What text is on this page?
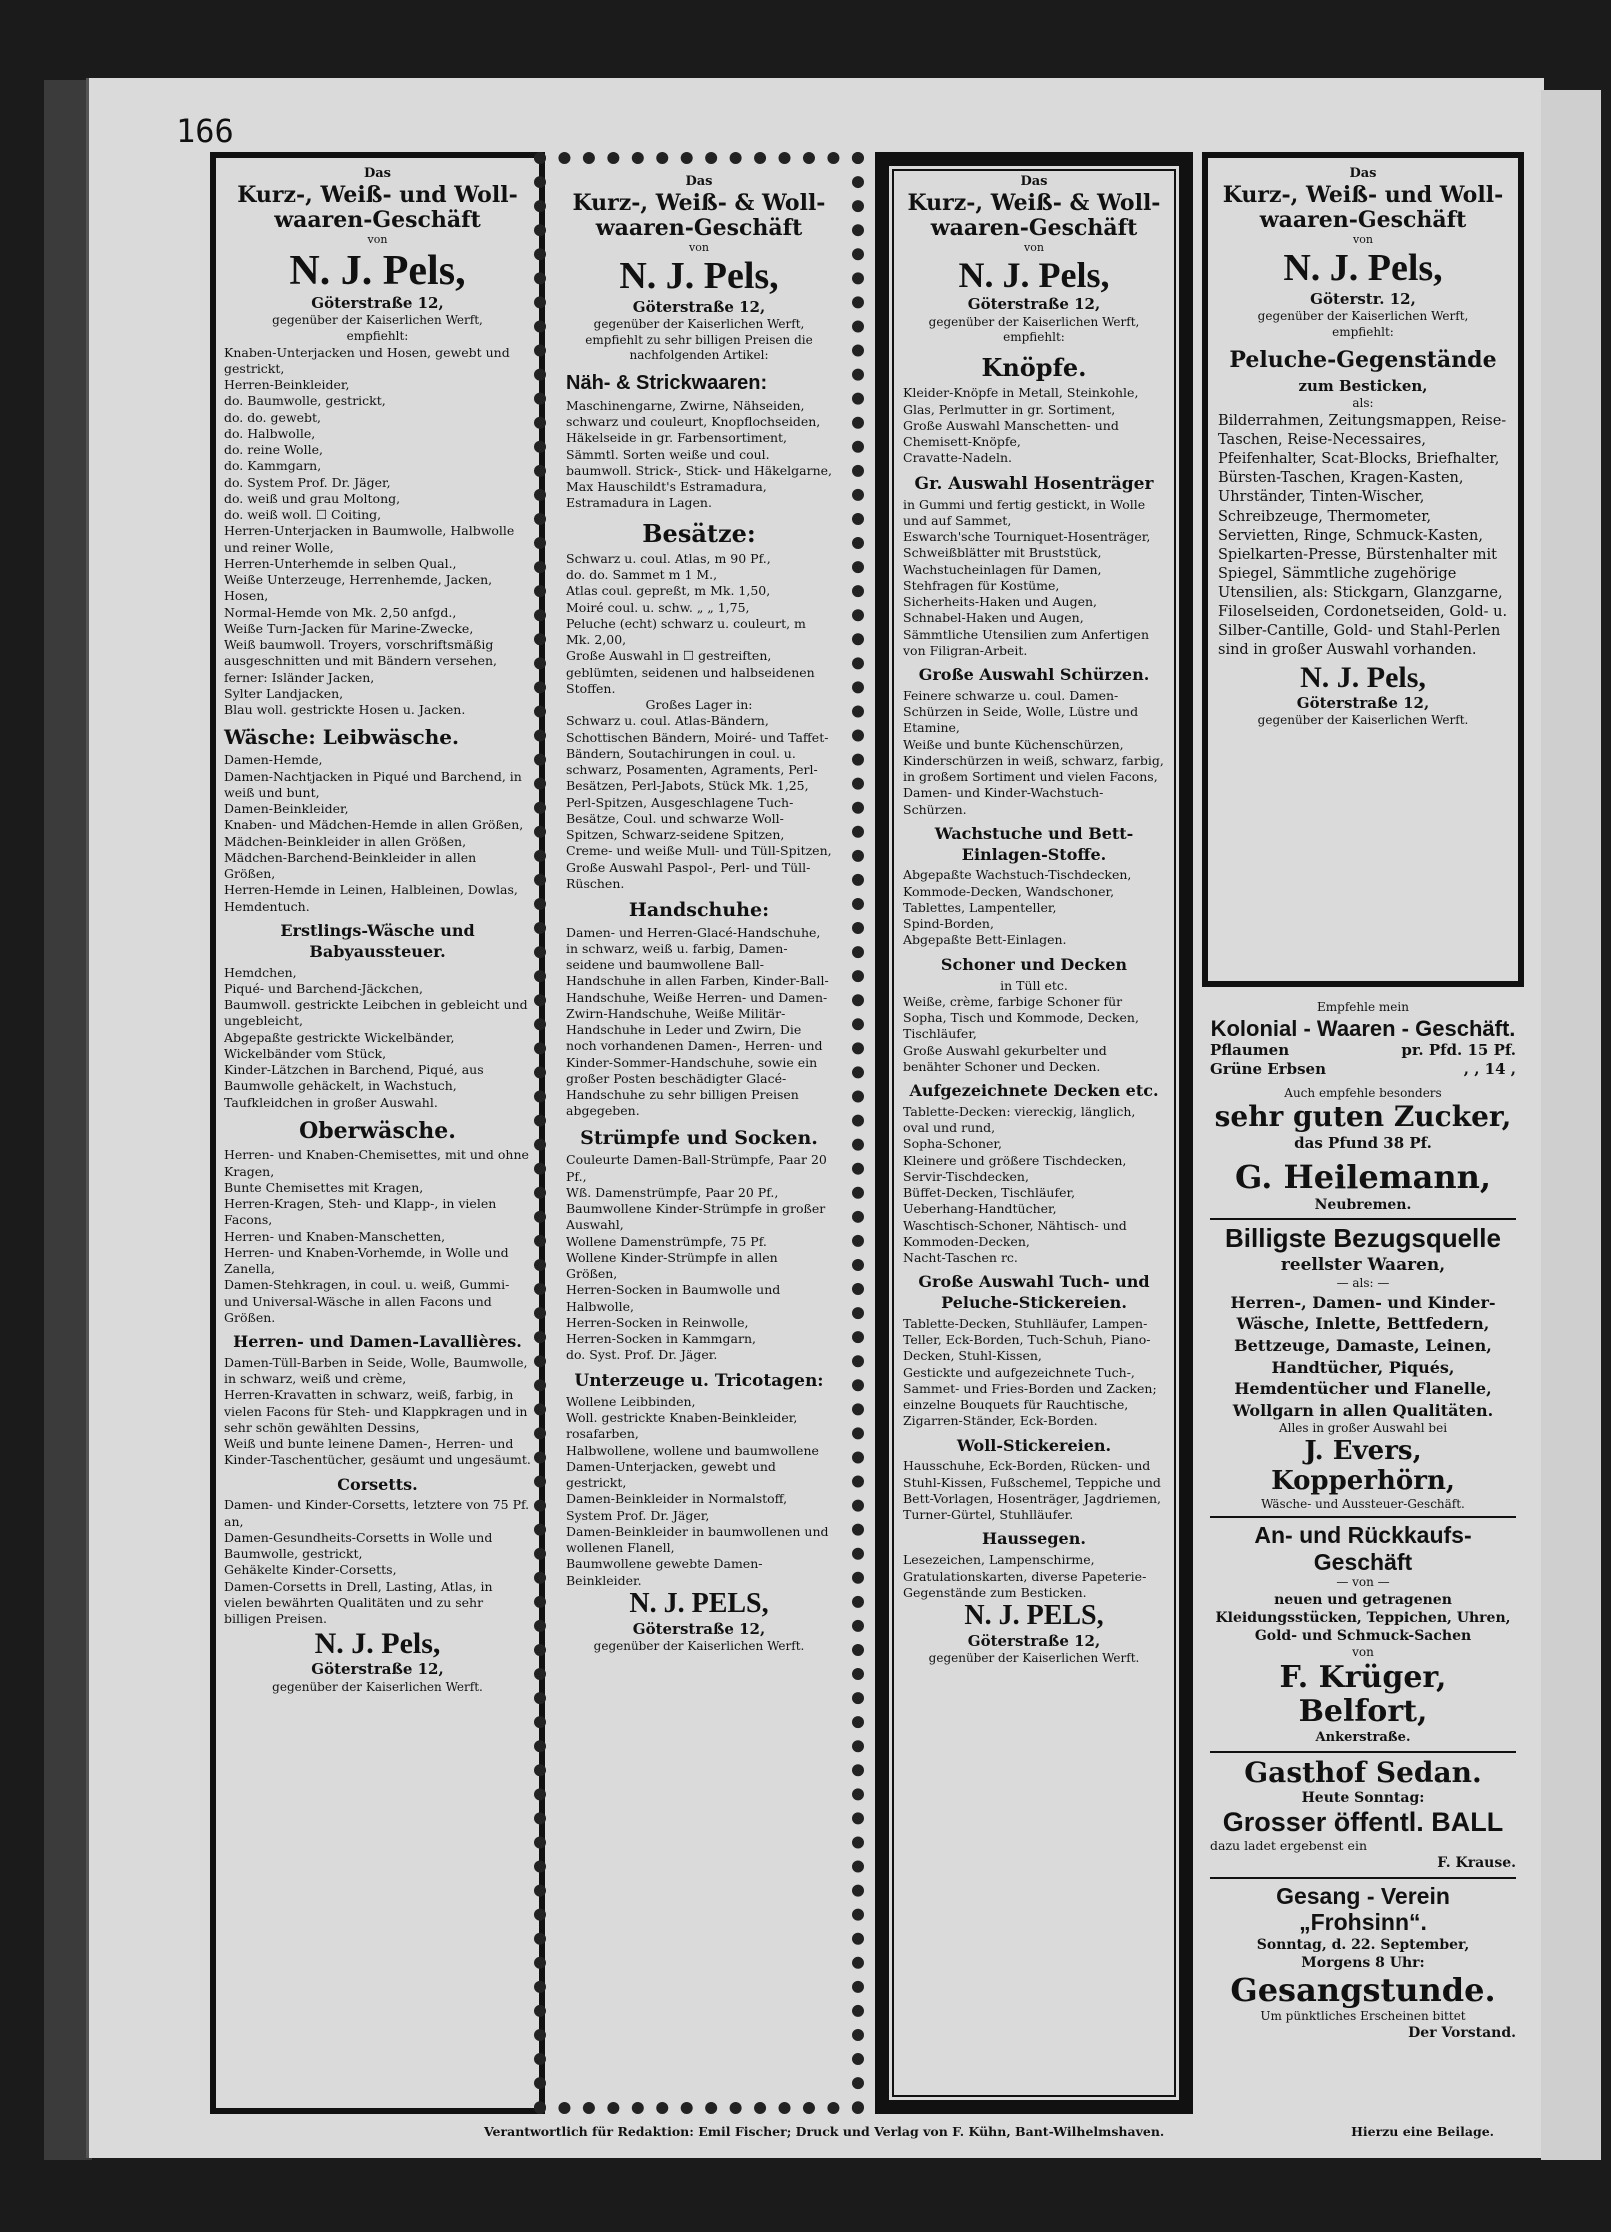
166
Das
Kurz-, Weiß- und Woll-waaren-Geschäft
von
N. J. Pels,
Göterstraße 12,
gegenüber der Kaiserlichen Werft,
empfiehlt:
Knaben-Unterjacken und Hosen, gewebt und gestrickt,
Herren-Beinkleider,
do. Baumwolle, gestrickt,
do. do. gewebt,
do. Halbwolle,
do. reine Wolle,
do. Kammgarn,
do. System Prof. Dr. Jäger,
do. weiß und grau Moltong,
do. weiß woll. ☐ Coiting,
Herren-Unterjacken in Baumwolle, Halbwolle und reiner Wolle,
Herren-Unterhemde in selben Qual.,
Weiße Unterzeuge, Herrenhemde, Jacken, Hosen,
Normal-Hemde von Mk. 2,50 anfgd.,
Weiße Turn-Jacken für Marine-Zwecke,
Weiß baumwoll. Troyers, vorschriftsmäßig ausgeschnitten und mit Bändern versehen,
ferner: Isländer Jacken,
Sylter Landjacken,
Blau woll. gestrickte Hosen u. Jacken.
Wäsche: Leibwäsche.
Damen-Hemde,
Damen-Nachtjacken in Piqué und Barchend, in weiß und bunt,
Damen-Beinkleider,
Knaben- und Mädchen-Hemde in allen Größen,
Mädchen-Beinkleider in allen Größen,
Mädchen-Barchend-Beinkleider in allen Größen,
Herren-Hemde in Leinen, Halbleinen, Dowlas, Hemdentuch.
Erstlings-Wäsche und Babyaussteuer.
Hemdchen,
Piqué- und Barchend-Jäckchen,
Baumwoll. gestrickte Leibchen in gebleicht und ungebleicht,
Abgepaßte gestrickte Wickelbänder,
Wickelbänder vom Stück,
Kinder-Lätzchen in Barchend, Piqué, aus Baumwolle gehäckelt, in Wachstuch,
Taufkleidchen in großer Auswahl.
Oberwäsche.
Herren- und Knaben-Chemisettes, mit und ohne Kragen,
Bunte Chemisettes mit Kragen,
Herren-Kragen, Steh- und Klapp-, in vielen Facons,
Herren- und Knaben-Manschetten,
Herren- und Knaben-Vorhemde, in Wolle und Zanella,
Damen-Stehkragen, in coul. u. weiß, Gummi- und Universal-Wäsche in allen Facons und Größen.
Herren- und Damen-Lavallières.
Damen-Tüll-Barben in Seide, Wolle, Baumwolle, in schwarz, weiß und crème,
Herren-Kravatten in schwarz, weiß, farbig, in vielen Facons für Steh- und Klappkragen und in sehr schön gewählten Dessins,
Weiß und bunte leinene Damen-, Herren- und Kinder-Taschentücher, gesäumt und ungesäumt.
Corsetts.
Damen- und Kinder-Corsetts, letztere von 75 Pf. an,
Damen-Gesundheits-Corsetts in Wolle und Baumwolle, gestrickt,
Gehäkelte Kinder-Corsetts,
Damen-Corsetts in Drell, Lasting, Atlas, in vielen bewährten Qualitäten und zu sehr billigen Preisen.
N. J. Pels,
Göterstraße 12,
gegenüber der Kaiserlichen Werft.
Das
Kurz-, Weiß- & Woll-waaren-Geschäft
von
N. J. Pels,
Göterstraße 12,
gegenüber der Kaiserlichen Werft,
empfiehlt zu sehr billigen Preisen die nachfolgenden Artikel:
Näh- & Strickwaaren:
Maschinengarne, Zwirne, Nähseiden, schwarz und couleurt, Knopflochseiden, Häkelseide in gr. Farbensortiment,
Sämmtl. Sorten weiße und coul. baumwoll. Strick-, Stick- und Häkelgarne, Max Hauschildt's Estramadura, Estramadura in Lagen.
Besätze:
Schwarz u. coul. Atlas, m 90 Pf.,
do. do. Sammet m 1 M.,
Atlas coul. gepreßt, m Mk. 1,50,
Moiré coul. u. schw. „ „ 1,75,
Peluche (echt) schwarz u. couleurt, m Mk. 2,00,
Große Auswahl in ☐ gestreiften, geblümten, seidenen und halbseidenen Stoffen.
Großes Lager in:
Schwarz u. coul. Atlas-Bändern, Schottischen Bändern, Moiré- und Taffet-Bändern, Soutachirungen in coul. u. schwarz, Posamenten, Agraments, Perl-Besätzen, Perl-Jabots, Stück Mk. 1,25, Perl-Spitzen, Ausgeschlagene Tuch-Besätze, Coul. und schwarze Woll-Spitzen, Schwarz-seidene Spitzen, Creme- und weiße Mull- und Tüll-Spitzen, Große Auswahl Paspol-, Perl- und Tüll-Rüschen.
Handschuhe:
Damen- und Herren-Glacé-Handschuhe, in schwarz, weiß u. farbig, Damen- seidene und baumwollene Ball-Handschuhe in allen Farben, Kinder-Ball-Handschuhe, Weiße Herren- und Damen-Zwirn-Handschuhe, Weiße Militär-Handschuhe in Leder und Zwirn, Die noch vorhandenen Damen-, Herren- und Kinder-Sommer-Handschuhe, sowie ein großer Posten beschädigter Glacé-Handschuhe zu sehr billigen Preisen abgegeben.
Strümpfe und Socken.
Couleurte Damen-Ball-Strümpfe, Paar 20 Pf.,
Wß. Damenstrümpfe, Paar 20 Pf.,
Baumwollene Kinder-Strümpfe in großer Auswahl,
Wollene Damenstrümpfe, 75 Pf.
Wollene Kinder-Strümpfe in allen Größen,
Herren-Socken in Baumwolle und Halbwolle,
Herren-Socken in Reinwolle,
Herren-Socken in Kammgarn,
do. Syst. Prof. Dr. Jäger.
Unterzeuge u. Tricotagen:
Wollene Leibbinden,
Woll. gestrickte Knaben-Beinkleider, rosafarben,
Halbwollene, wollene und baumwollene Damen-Unterjacken, gewebt und gestrickt,
Damen-Beinkleider in Normalstoff, System Prof. Dr. Jäger,
Damen-Beinkleider in baumwollenen und wollenen Flanell,
Baumwollene gewebte Damen-Beinkleider.
N. J. PELS,
Göterstraße 12,
gegenüber der Kaiserlichen Werft.
Das
Kurz-, Weiß- & Woll-waaren-Geschäft
von
N. J. Pels,
Göterstraße 12,
gegenüber der Kaiserlichen Werft,
empfiehlt:
Knöpfe.
Kleider-Knöpfe in Metall, Steinkohle, Glas, Perlmutter in gr. Sortiment,
Große Auswahl Manschetten- und Chemisett-Knöpfe,
Cravatte-Nadeln.
Gr. Auswahl Hosenträger
in Gummi und fertig gestickt, in Wolle und auf Sammet,
Eswarch'sche Tourniquet-Hosenträger,
Schweißblätter mit Bruststück,
Wachstucheinlagen für Damen,
Stehfragen für Kostüme,
Sicherheits-Haken und Augen,
Schnabel-Haken und Augen,
Sämmtliche Utensilien zum Anfertigen von Filigran-Arbeit.
Große Auswahl Schürzen.
Feinere schwarze u. coul. Damen-Schürzen in Seide, Wolle, Lüstre und Etamine,
Weiße und bunte Küchenschürzen,
Kinderschürzen in weiß, schwarz, farbig, in großem Sortiment und vielen Facons,
Damen- und Kinder-Wachstuch-Schürzen.
Wachstuche und Bett-Einlagen-Stoffe.
Abgepaßte Wachstuch-Tischdecken,
Kommode-Decken, Wandschoner,
Tablettes, Lampenteller,
Spind-Borden,
Abgepaßte Bett-Einlagen.
Schoner und Decken
in Tüll etc.
Weiße, crème, farbige Schoner für Sopha, Tisch und Kommode, Decken, Tischläufer,
Große Auswahl gekurbelter und benähter Schoner und Decken.
Aufgezeichnete Decken etc.
Tablette-Decken: viereckig, länglich, oval und rund,
Sopha-Schoner,
Kleinere und größere Tischdecken,
Servir-Tischdecken,
Büffet-Decken, Tischläufer,
Ueberhang-Handtücher,
Waschtisch-Schoner, Nähtisch- und Kommoden-Decken,
Nacht-Taschen rc.
Große Auswahl Tuch- und Peluche-Stickereien.
Tablette-Decken, Stuhlläufer, Lampen-Teller, Eck-Borden, Tuch-Schuh, Piano-Decken, Stuhl-Kissen,
Gestickte und aufgezeichnete Tuch-, Sammet- und Fries-Borden und Zacken; einzelne Bouquets für Rauchtische, Zigarren-Ständer, Eck-Borden.
Woll-Stickereien.
Hausschuhe, Eck-Borden, Rücken- und Stuhl-Kissen, Fußschemel, Teppiche und Bett-Vorlagen, Hosenträger, Jagdriemen, Turner-Gürtel, Stuhlläufer.
Haussegen.
Lesezeichen, Lampenschirme, Gratulationskarten, diverse Papeterie-Gegenstände zum Besticken.
N. J. PELS,
Göterstraße 12,
gegenüber der Kaiserlichen Werft.
Das
Kurz-, Weiß- und Woll-waaren-Geschäft
von
N. J. Pels,
Göterstr. 12,
gegenüber der Kaiserlichen Werft,
empfiehlt:
Peluche-Gegenstände
zum Besticken,
als:
Bilderrahmen, Zeitungsmappen, Reise-Taschen, Reise-Necessaires, Pfeifenhalter, Scat-Blocks, Briefhalter, Bürsten-Taschen, Kragen-Kasten, Uhrständer, Tinten-Wischer, Schreibzeuge, Thermometer, Servietten, Ringe, Schmuck-Kasten, Spielkarten-Presse, Bürstenhalter mit Spiegel, Sämmtliche zugehörige Utensilien, als: Stickgarn, Glanzgarne, Filoselseiden, Cordonetseiden, Gold- u. Silber-Cantille, Gold- und Stahl-Perlen sind in großer Auswahl vorhanden.
N. J. Pels,
Göterstraße 12,
gegenüber der Kaiserlichen Werft.
Empfehle mein
Kolonial - Waaren - Geschäft.
Pflaumen	pr. Pfd. 15 Pf.
Grüne Erbsen	, , 14 ,
Auch empfehle besonders
sehr guten Zucker,
das Pfund 38 Pf.
G. Heilemann,
Neubremen.
Billigste Bezugsquelle
reellster Waaren,
— als: —
Herren-, Damen- und Kinder-Wäsche, Inlette, Bettfedern, Bettzeuge, Damaste, Leinen, Handtücher, Piqués, Hemdentücher und Flanelle, Wollgarn in allen Qualitäten.
Alles in großer Auswahl bei
J. Evers, Kopperhörn,
Wäsche- und Aussteuer-Geschäft.
An- und Rückkaufs-Geschäft
— von —
neuen und getragenen Kleidungsstücken, Teppichen, Uhren, Gold- und Schmuck-Sachen
von
F. Krüger, Belfort,
Ankerstraße.
Gasthof Sedan.
Heute Sonntag:
Grosser öffentl. BALL
dazu ladet ergebenst ein
F. Krause.
Gesang - Verein „Frohsinn“.
Sonntag, d. 22. September,
Morgens 8 Uhr:
Gesangstunde.
Um pünktliches Erscheinen bittet
Der Vorstand.
Verantwortlich für Redaktion: Emil Fischer; Druck und Verlag von F. Kühn, Bant-Wilhelmshaven.	Hierzu eine Beilage.
